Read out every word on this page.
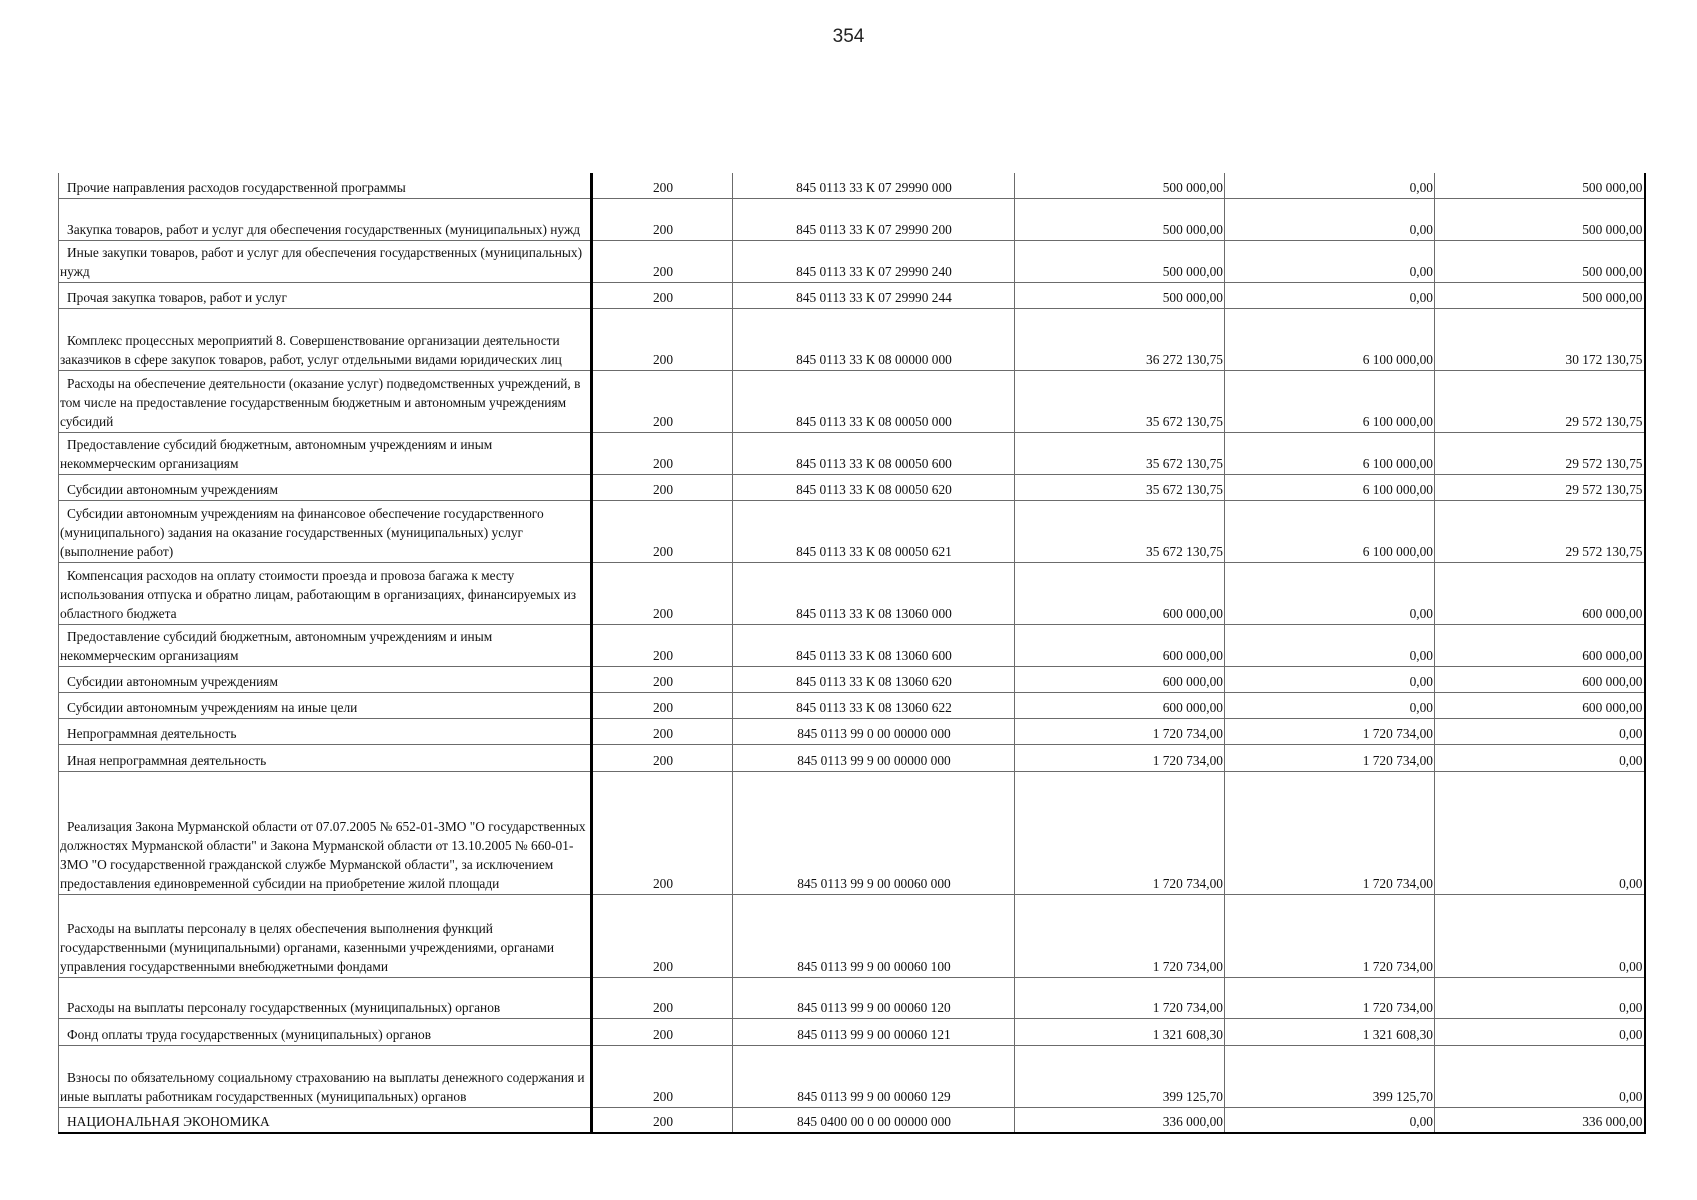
354
Прочие направления расходов государственной программы	200	845 0113 33 К 07 29990 000	500 000,00	0,00	500 000,00
Закупка товаров, работ и услуг для обеспечения государственных (муниципальных) нужд	200	845 0113 33 К 07 29990 200	500 000,00	0,00	500 000,00
Иные закупки товаров, работ и услуг для обеспечения государственных (муниципальных) нужд	200	845 0113 33 К 07 29990 240	500 000,00	0,00	500 000,00
Прочая закупка товаров, работ и услуг	200	845 0113 33 К 07 29990 244	500 000,00	0,00	500 000,00
Комплекс процессных мероприятий 8. Совершенствование организации деятельности заказчиков в сфере закупок товаров, работ, услуг отдельными видами юридических лиц	200	845 0113 33 К 08 00000 000	36 272 130,75	6 100 000,00	30 172 130,75
Расходы на обеспечение деятельности (оказание услуг) подведомственных учреждений, в том числе на предоставление государственным бюджетным и автономным учреждениям субсидий	200	845 0113 33 К 08 00050 000	35 672 130,75	6 100 000,00	29 572 130,75
Предоставление субсидий бюджетным, автономным учреждениям и иным некоммерческим организациям	200	845 0113 33 К 08 00050 600	35 672 130,75	6 100 000,00	29 572 130,75
Субсидии автономным учреждениям	200	845 0113 33 К 08 00050 620	35 672 130,75	6 100 000,00	29 572 130,75
Субсидии автономным учреждениям на финансовое обеспечение государственного (муниципального) задания на оказание государственных (муниципальных) услуг (выполнение работ)	200	845 0113 33 К 08 00050 621	35 672 130,75	6 100 000,00	29 572 130,75
Компенсация расходов на оплату стоимости проезда и провоза багажа к месту использования отпуска и обратно лицам, работающим в организациях, финансируемых из областного бюджета	200	845 0113 33 К 08 13060 000	600 000,00	0,00	600 000,00
Предоставление субсидий бюджетным, автономным учреждениям и иным некоммерческим организациям	200	845 0113 33 К 08 13060 600	600 000,00	0,00	600 000,00
Субсидии автономным учреждениям	200	845 0113 33 К 08 13060 620	600 000,00	0,00	600 000,00
Субсидии автономным учреждениям на иные цели	200	845 0113 33 К 08 13060 622	600 000,00	0,00	600 000,00
Непрограммная деятельность	200	845 0113 99 0 00 00000 000	1 720 734,00	1 720 734,00	0,00
Иная непрограммная деятельность	200	845 0113 99 9 00 00000 000	1 720 734,00	1 720 734,00	0,00
Реализация Закона Мурманской области от 07.07.2005 № 652-01-ЗМО "О государственных должностях Мурманской области" и Закона Мурманской области от 13.10.2005 № 660-01-ЗМО "О государственной гражданской службе Мурманской области", за исключением предоставления единовременной субсидии на приобретение жилой площади	200	845 0113 99 9 00 00060 000	1 720 734,00	1 720 734,00	0,00
Расходы на выплаты персоналу в целях обеспечения выполнения функций государственными (муниципальными) органами, казенными учреждениями, органами управления государственными внебюджетными фондами	200	845 0113 99 9 00 00060 100	1 720 734,00	1 720 734,00	0,00
Расходы на выплаты персоналу государственных (муниципальных) органов	200	845 0113 99 9 00 00060 120	1 720 734,00	1 720 734,00	0,00
Фонд оплаты труда государственных (муниципальных) органов	200	845 0113 99 9 00 00060 121	1 321 608,30	1 321 608,30	0,00
Взносы по обязательному социальному страхованию на выплаты денежного содержания и иные выплаты работникам государственных (муниципальных) органов	200	845 0113 99 9 00 00060 129	399 125,70	399 125,70	0,00
НАЦИОНАЛЬНАЯ ЭКОНОМИКА	200	845 0400 00 0 00 00000 000	336 000,00	0,00	336 000,00
